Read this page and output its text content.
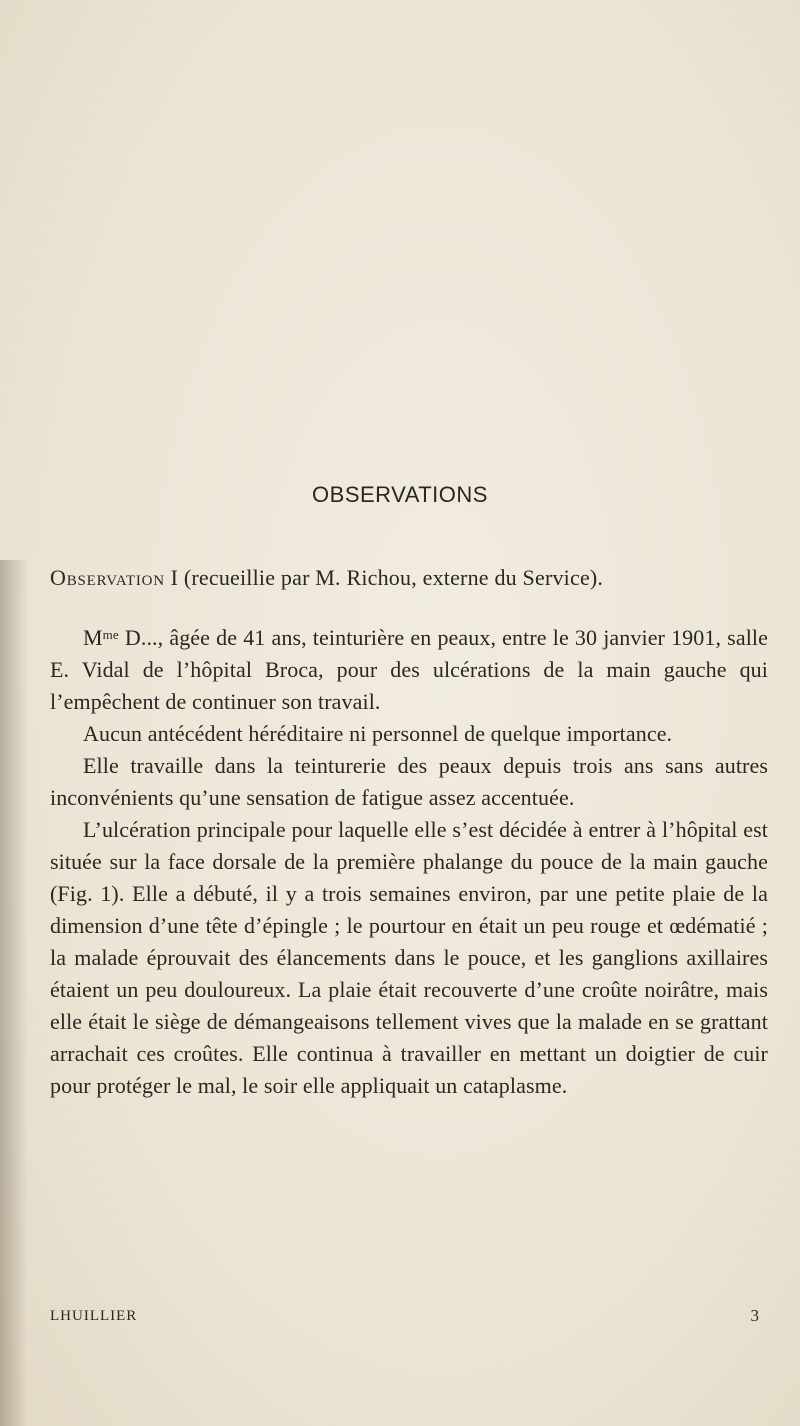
OBSERVATIONS
Observation I (recueillie par M. Richou, externe du Service).

$M^{me}$ D..., âgée de 41 ans, teinturière en peaux, entre le 30 janvier 1901, salle E. Vidal de l’hôpital Broca, pour des ulcérations de la main gauche qui l’empêchent de continuer son travail.

Aucun antécédent héréditaire ni personnel de quelque importance.

Elle travaille dans la teinturerie des peaux depuis trois ans sans autres inconvénients qu’une sensation de fatigue assez accentuée.

L’ulcération principale pour laquelle elle s’est décidée à entrer à l’hôpital est située sur la face dorsale de la première phalange du pouce de la main gauche (Fig. 1). Elle a débuté, il y a trois semaines environ, par une petite plaie de la dimension d’une tête d’épingle ; le pourtour en était un peu rouge et œdématié ; la malade éprouvait des élancements dans le pouce, et les ganglions axillaires étaient un peu douloureux. La plaie était recouverte d’une croûte noirâtre, mais elle était le siège de démangeaisons tellement vives que la malade en se grattant arrachait ces croûtes. Elle continua à travailler en mettant un doigtier de cuir pour protéger le mal, le soir elle appliquait un cataplasme.

LHUILLIER	3
